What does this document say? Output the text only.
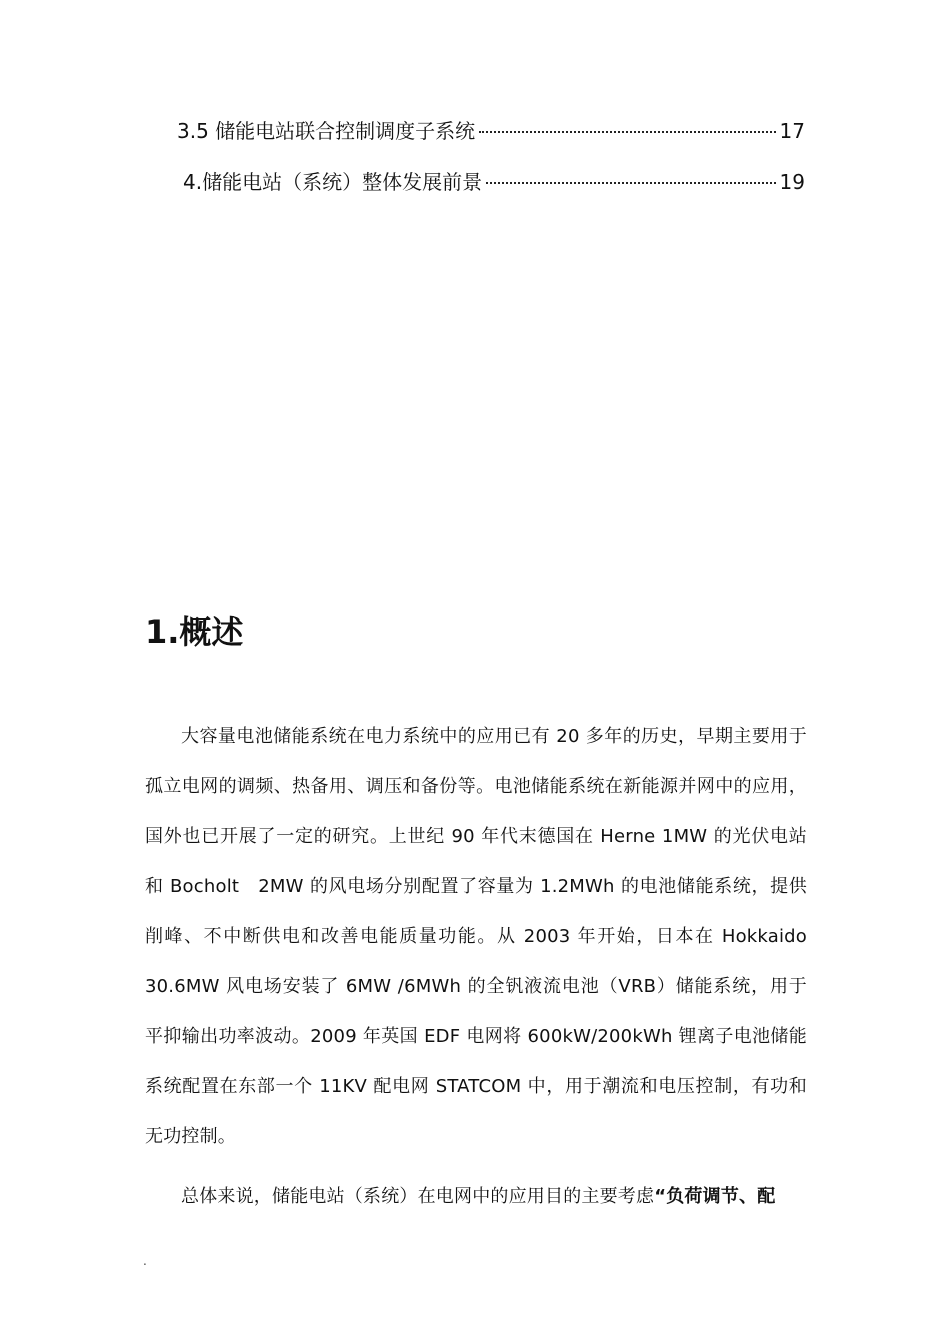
3.5 储能电站联合控制调度子系统	17
4.储能电站（系统）整体发展前景	19
1.概述

大容量电池储能系统在电力系统中的应用已有 20 多年的历史，早期主要用于孤立电网的调频、热备用、调压和备份等。电池储能系统在新能源并网中的应用，国外也已开展了一定的研究。上世纪 90 年代末德国在 Herne 1MW 的光伏电站和 Bocholt　2MW 的风电场分别配置了容量为 1.2MWh 的电池储能系统，提供削峰、不中断供电和改善电能质量功能。从 2003 年开始，日本在 Hokkaido 30.6MW 风电场安装了 6MW /6MWh 的全钒液流电池（VRB）储能系统，用于平抑输出功率波动。2009 年英国 EDF 电网将 600kW/200kWh 锂离子电池储能系统配置在东部一个 11KV 配电网 STATCOM 中，用于潮流和电压控制，有功和无功控制。

总体来说，储能电站（系统）在电网中的应用目的主要考虑“负荷调节、配

.
